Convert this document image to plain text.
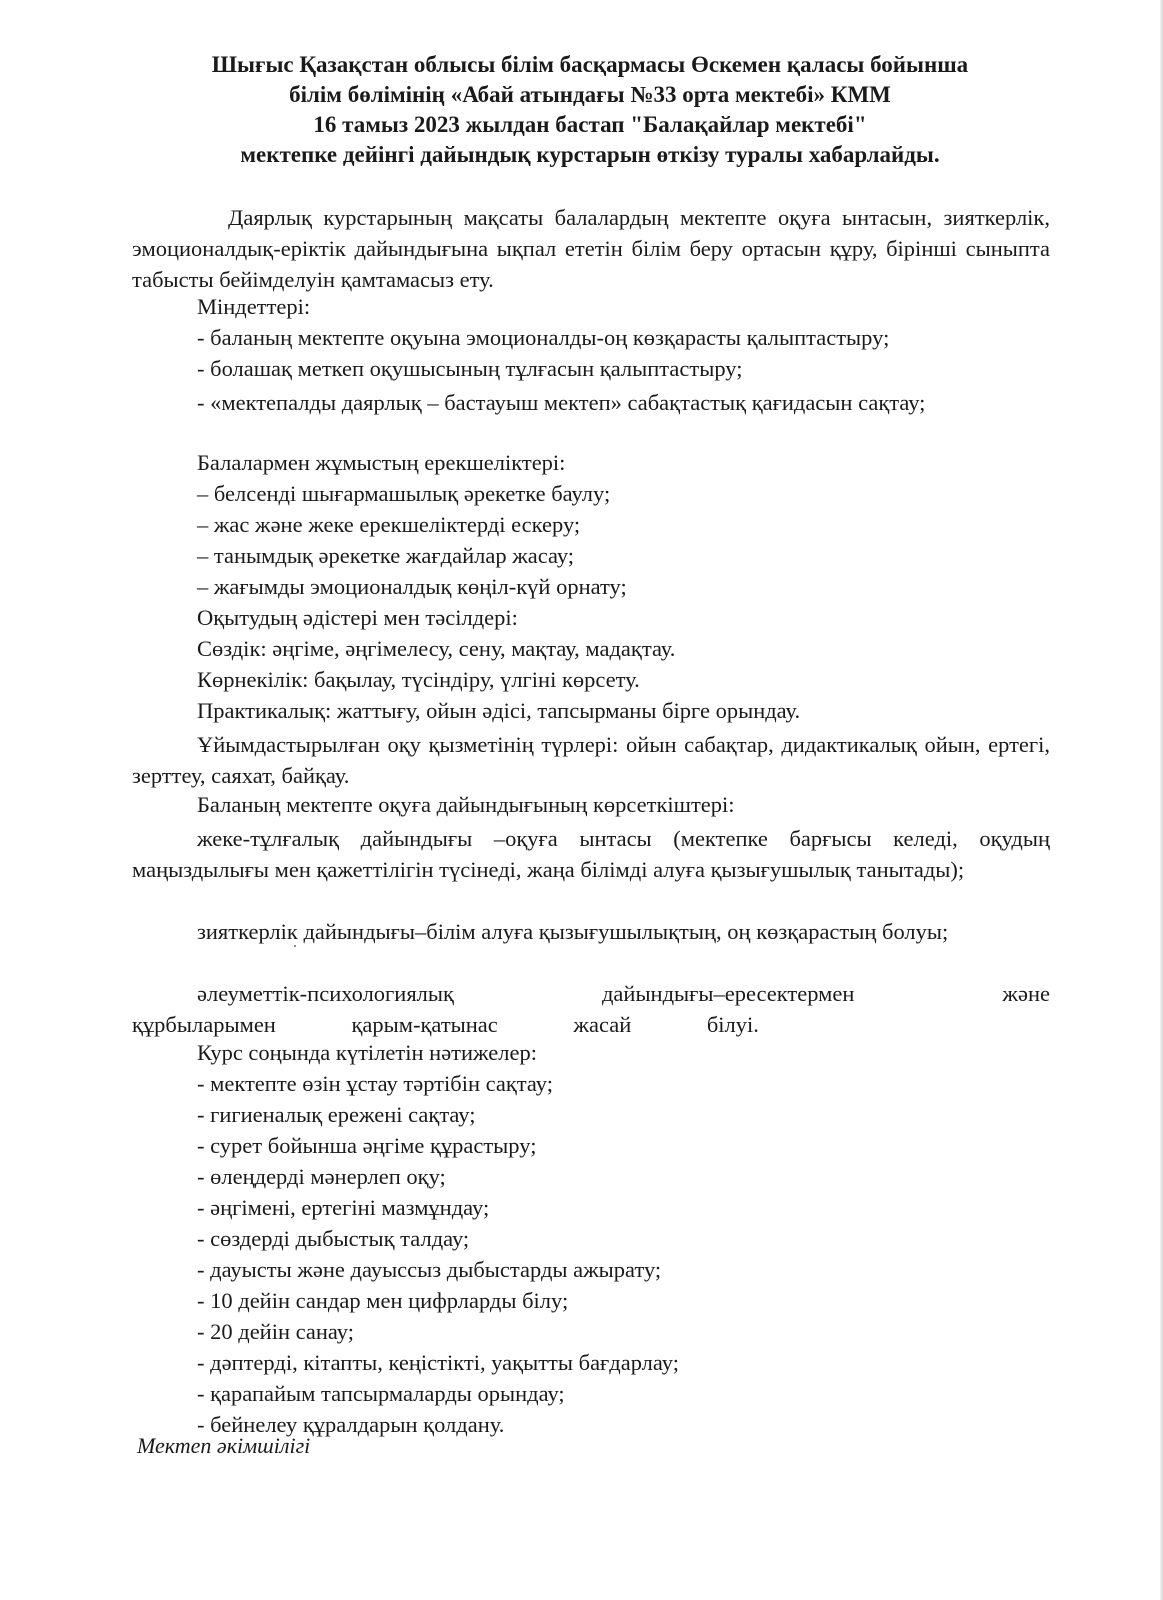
Шығыс Қазақстан облысы білім басқармасы Өскемен қаласы бойынша
білім бөлімінің «Абай атындағы №33 орта мектебі» КММ
16 тамыз 2023 жылдан бастап "Балақайлар мектебі"
мектепке дейінгі дайындық курстарын өткізу туралы хабарлайды.
Даярлық курстарының мақсаты балалардың мектепте оқуға ынтасын, зияткерлік, эмоционалдық-еріктік дайындығына ықпал ететін білім беру ортасын құру, бірінші сыныпта табысты бейімделуін қамтамасыз ету.
Міндеттері:
- баланың мектепте оқуына эмоционалды-оң көзқарасты қалыптастыру;
- болашақ меткеп оқушысының тұлғасын қалыптастыру;
- «мектепалды даярлық – бастауыш мектеп» сабақтастық қағидасын сақтау;
Балалармен жұмыстың ерекшеліктері:
– белсенді шығармашылық әрекетке баулу;
– жас және жеке ерекшеліктерді ескеру;
– танымдық әрекетке жағдайлар жасау;
– жағымды эмоционалдық көңіл-күй орнату;
Оқытудың әдістері мен тәсілдері:
Сөздік: әңгіме, әңгімелесу, сену, мақтау, мадақтау.
Көрнекілік: бақылау, түсіндіру, үлгіні көрсету.
Практикалық: жаттығу, ойын әдісі, тапсырманы бірге орындау.
Ұйымдастырылған оқу қызметінің түрлері: ойын сабақтар, дидактикалық ойын, ертегі, зерттеу, саяхат, байқау.
Баланың мектепте оқуға дайындығының көрсеткіштері:
жеке-тұлғалық дайындығы –оқуға ынтасы (мектепке барғысы келеді, оқудың маңыздылығы мен қажеттілігін түсінеді, жаңа білімді алуға қызығушылық танытады);
зияткерлік дайындығы–білім алуға қызығушылықтың, оң көзқарастың болуы;
әлеуметтік-психологиялық дайындығы–ересектермен және құрбыларымен қарым-қатынас жасай білуі.
Курс соңында күтілетін нәтижелер:
- мектепте өзін ұстау тәртібін сақтау;
- гигиеналық ережені сақтау;
- сурет бойынша әңгіме құрастыру;
- өлеңдерді мәнерлеп оқу;
- әңгімені, ертегіні мазмұндау;
- сөздерді дыбыстық талдау;
- дауысты және дауыссыз дыбыстарды ажырату;
- 10 дейін сандар мен цифрларды білу;
- 20 дейін санау;
- дәптерді, кітапты, кеңістікті, уақытты бағдарлау;
- қарапайым тапсырмаларды орындау;
- бейнелеу құралдарын қолдану.
Мектеп әкімшілігі
